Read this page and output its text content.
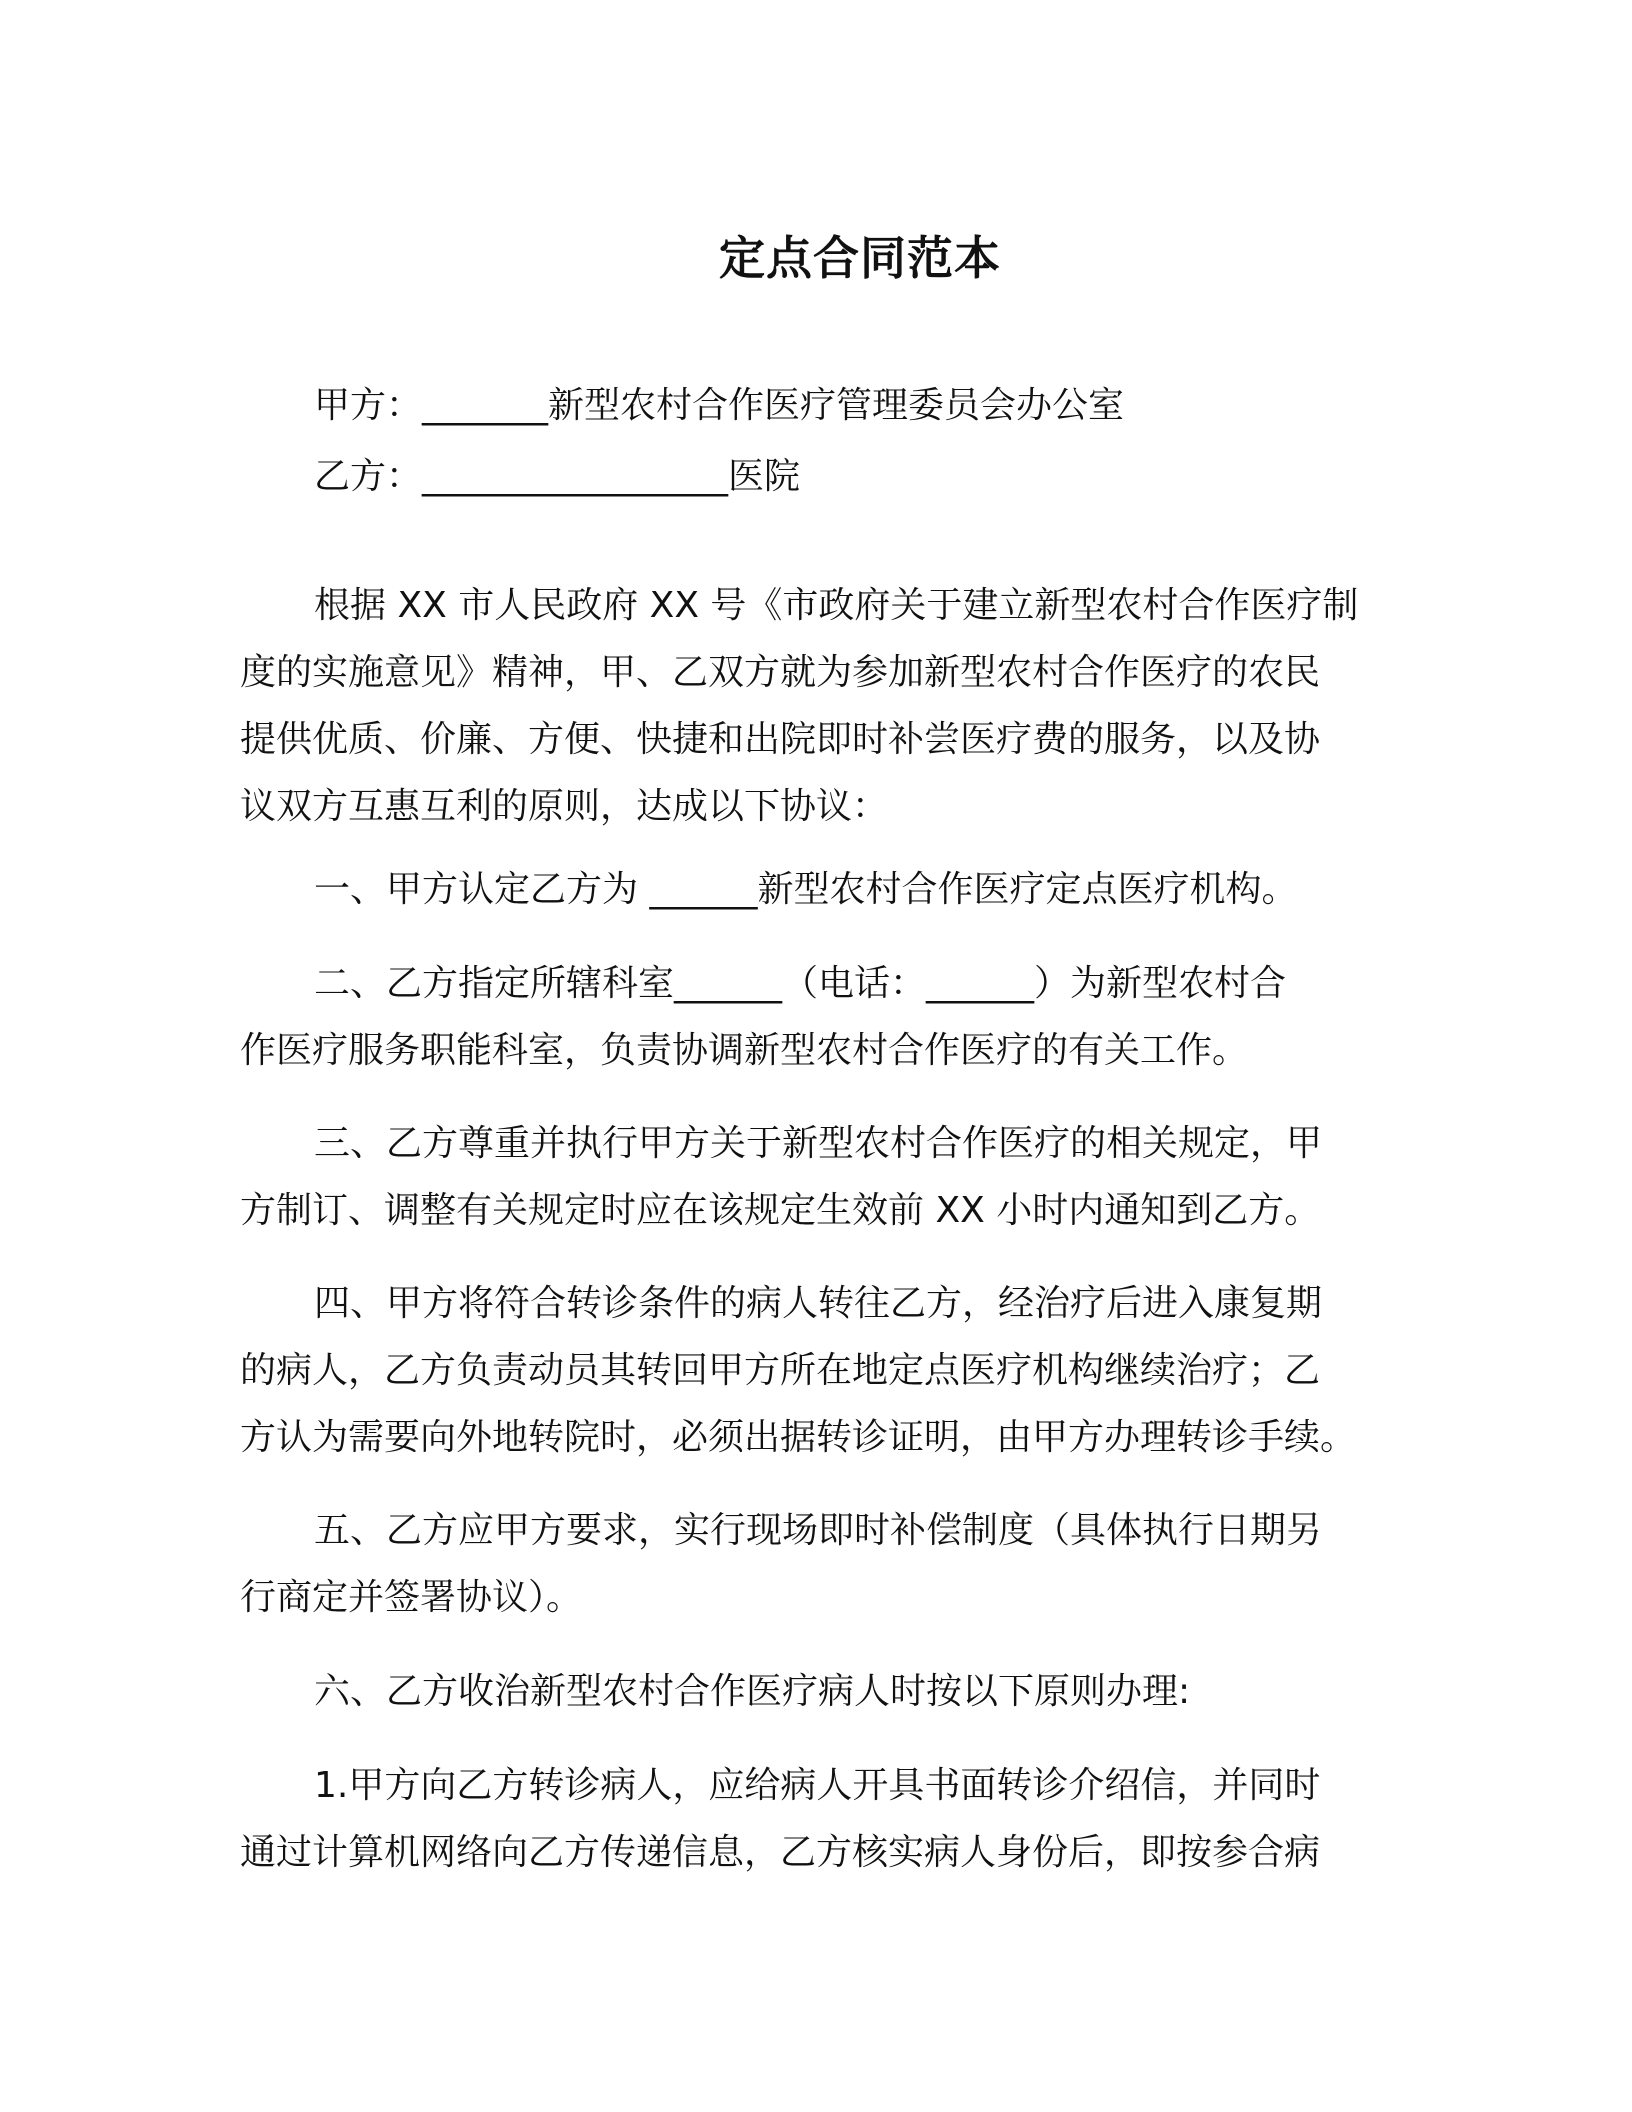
定点合同范本
甲方：_______新型农村合作医疗管理委员会办公室
乙方：_________________医院
根据 XX 市人民政府 XX 号《市政府关于建立新型农村合作医疗制
度的实施意见》精神，甲、乙双方就为参加新型农村合作医疗的农民
提供优质、价廉、方便、快捷和出院即时补尝医疗费的服务，以及协
议双方互惠互利的原则，达成以下协议：
一、甲方认定乙方为 ______新型农村合作医疗定点医疗机构。
二、乙方指定所辖科室______（电话：______）为新型农村合
作医疗服务职能科室，负责协调新型农村合作医疗的有关工作。
三、乙方尊重并执行甲方关于新型农村合作医疗的相关规定，甲
方制订、调整有关规定时应在该规定生效前 XX 小时内通知到乙方。
四、甲方将符合转诊条件的病人转往乙方，经治疗后进入康复期
的病人，乙方负责动员其转回甲方所在地定点医疗机构继续治疗；乙
方认为需要向外地转院时，必须出据转诊证明，由甲方办理转诊手续。
五、乙方应甲方要求，实行现场即时补偿制度（具体执行日期另
行商定并签署协议）。
六、乙方收治新型农村合作医疗病人时按以下原则办理:
1.甲方向乙方转诊病人，应给病人开具书面转诊介绍信，并同时
通过计算机网络向乙方传递信息，乙方核实病人身份后，即按参合病
